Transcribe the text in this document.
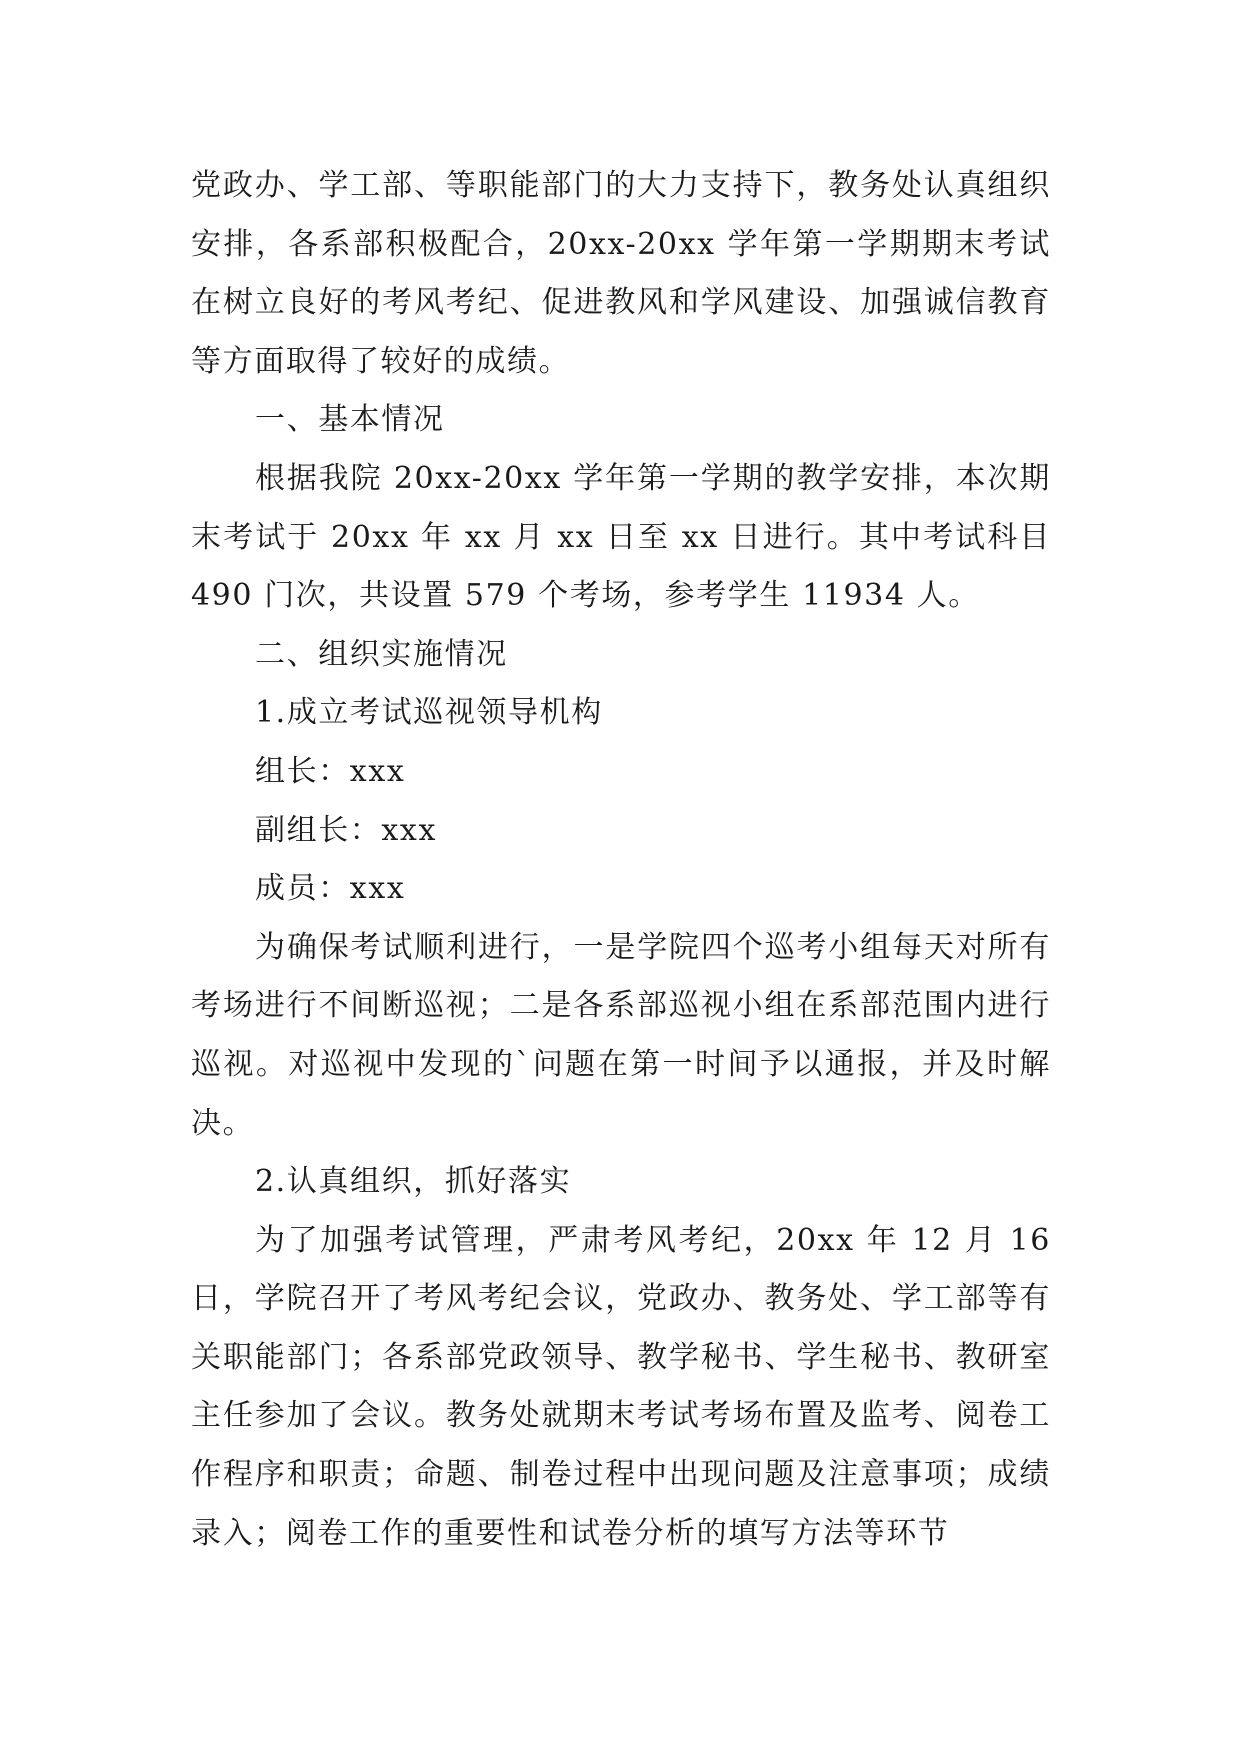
党政办、学工部、等职能部门的大力支持下，教务处认真组织安排，各系部积极配合，20xx-20xx 学年第一学期期末考试在树立良好的考风考纪、促进教风和学风建设、加强诚信教育等方面取得了较好的成绩。

一、基本情况

根据我院 20xx-20xx 学年第一学期的教学安排，本次期末考试于 20xx 年 xx 月 xx 日至 xx 日进行。其中考试科目 490 门次，共设置 579 个考场，参考学生 11934 人。

二、组织实施情况

1.成立考试巡视领导机构

组长：xxx

副组长：xxx

成员：xxx

为确保考试顺利进行，一是学院四个巡考小组每天对所有考场进行不间断巡视；二是各系部巡视小组在系部范围内进行巡视。对巡视中发现的`问题在第一时间予以通报，并及时解决。

2.认真组织，抓好落实

为了加强考试管理，严肃考风考纪，20xx 年 12 月 16 日，学院召开了考风考纪会议，党政办、教务处、学工部等有关职能部门；各系部党政领导、教学秘书、学生秘书、教研室主任参加了会议。教务处就期末考试考场布置及监考、阅卷工作程序和职责；命题、制卷过程中出现问题及注意事项；成绩录入；阅卷工作的重要性和试卷分析的填写方法等环节
